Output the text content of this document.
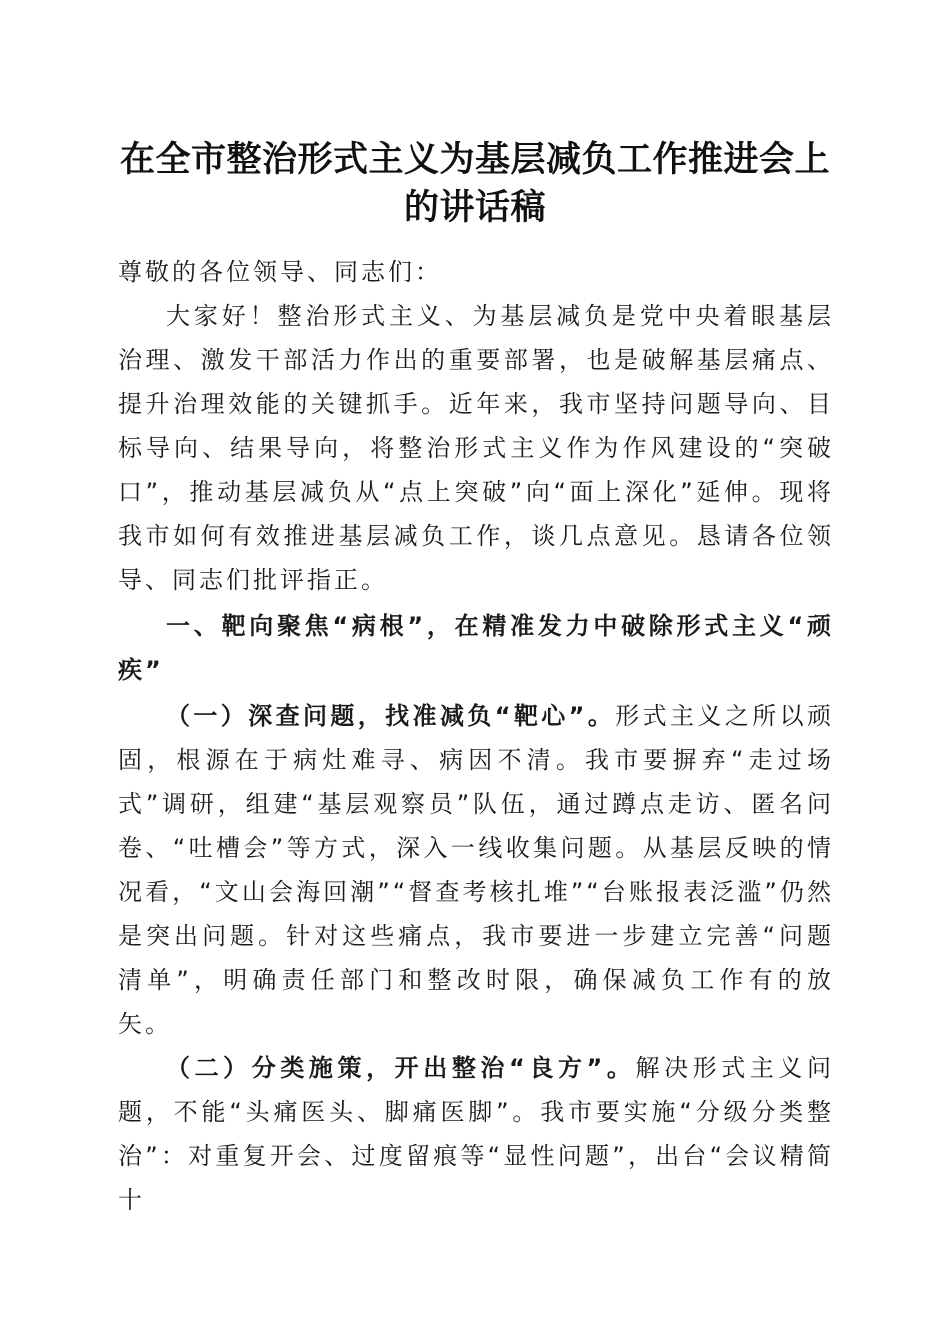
在全市整治形式主义为基层减负工作推进会上
的讲话稿

尊敬的各位领导、同志们：

大家好！整治形式主义、为基层减负是党中央着眼基层治理、激发干部活力作出的重要部署，也是破解基层痛点、提升治理效能的关键抓手。近年来，我市坚持问题导向、目标导向、结果导向，将整治形式主义作为作风建设的“突破口”，推动基层减负从“点上突破”向“面上深化”延伸。现将我市如何有效推进基层减负工作，谈几点意见。恳请各位领导、同志们批评指正。

一、靶向聚焦“病根”，在精准发力中破除形式主义“顽疾”

（一）深查问题，找准减负“靶心”。形式主义之所以顽固，根源在于病灶难寻、病因不清。我市要摒弃“走过场式”调研，组建“基层观察员”队伍，通过蹲点走访、匿名问卷、“吐槽会”等方式，深入一线收集问题。从基层反映的情况看，“文山会海回潮”“督查考核扎堆”“台账报表泛滥”仍然是突出问题。针对这些痛点，我市要进一步建立完善“问题清单”，明确责任部门和整改时限，确保减负工作有的放矢。

（二）分类施策，开出整治“良方”。解决形式主义问题，不能“头痛医头、脚痛医脚”。我市要实施“分级分类整治”：对重复开会、过度留痕等“显性问题”，出台“会议精简十
